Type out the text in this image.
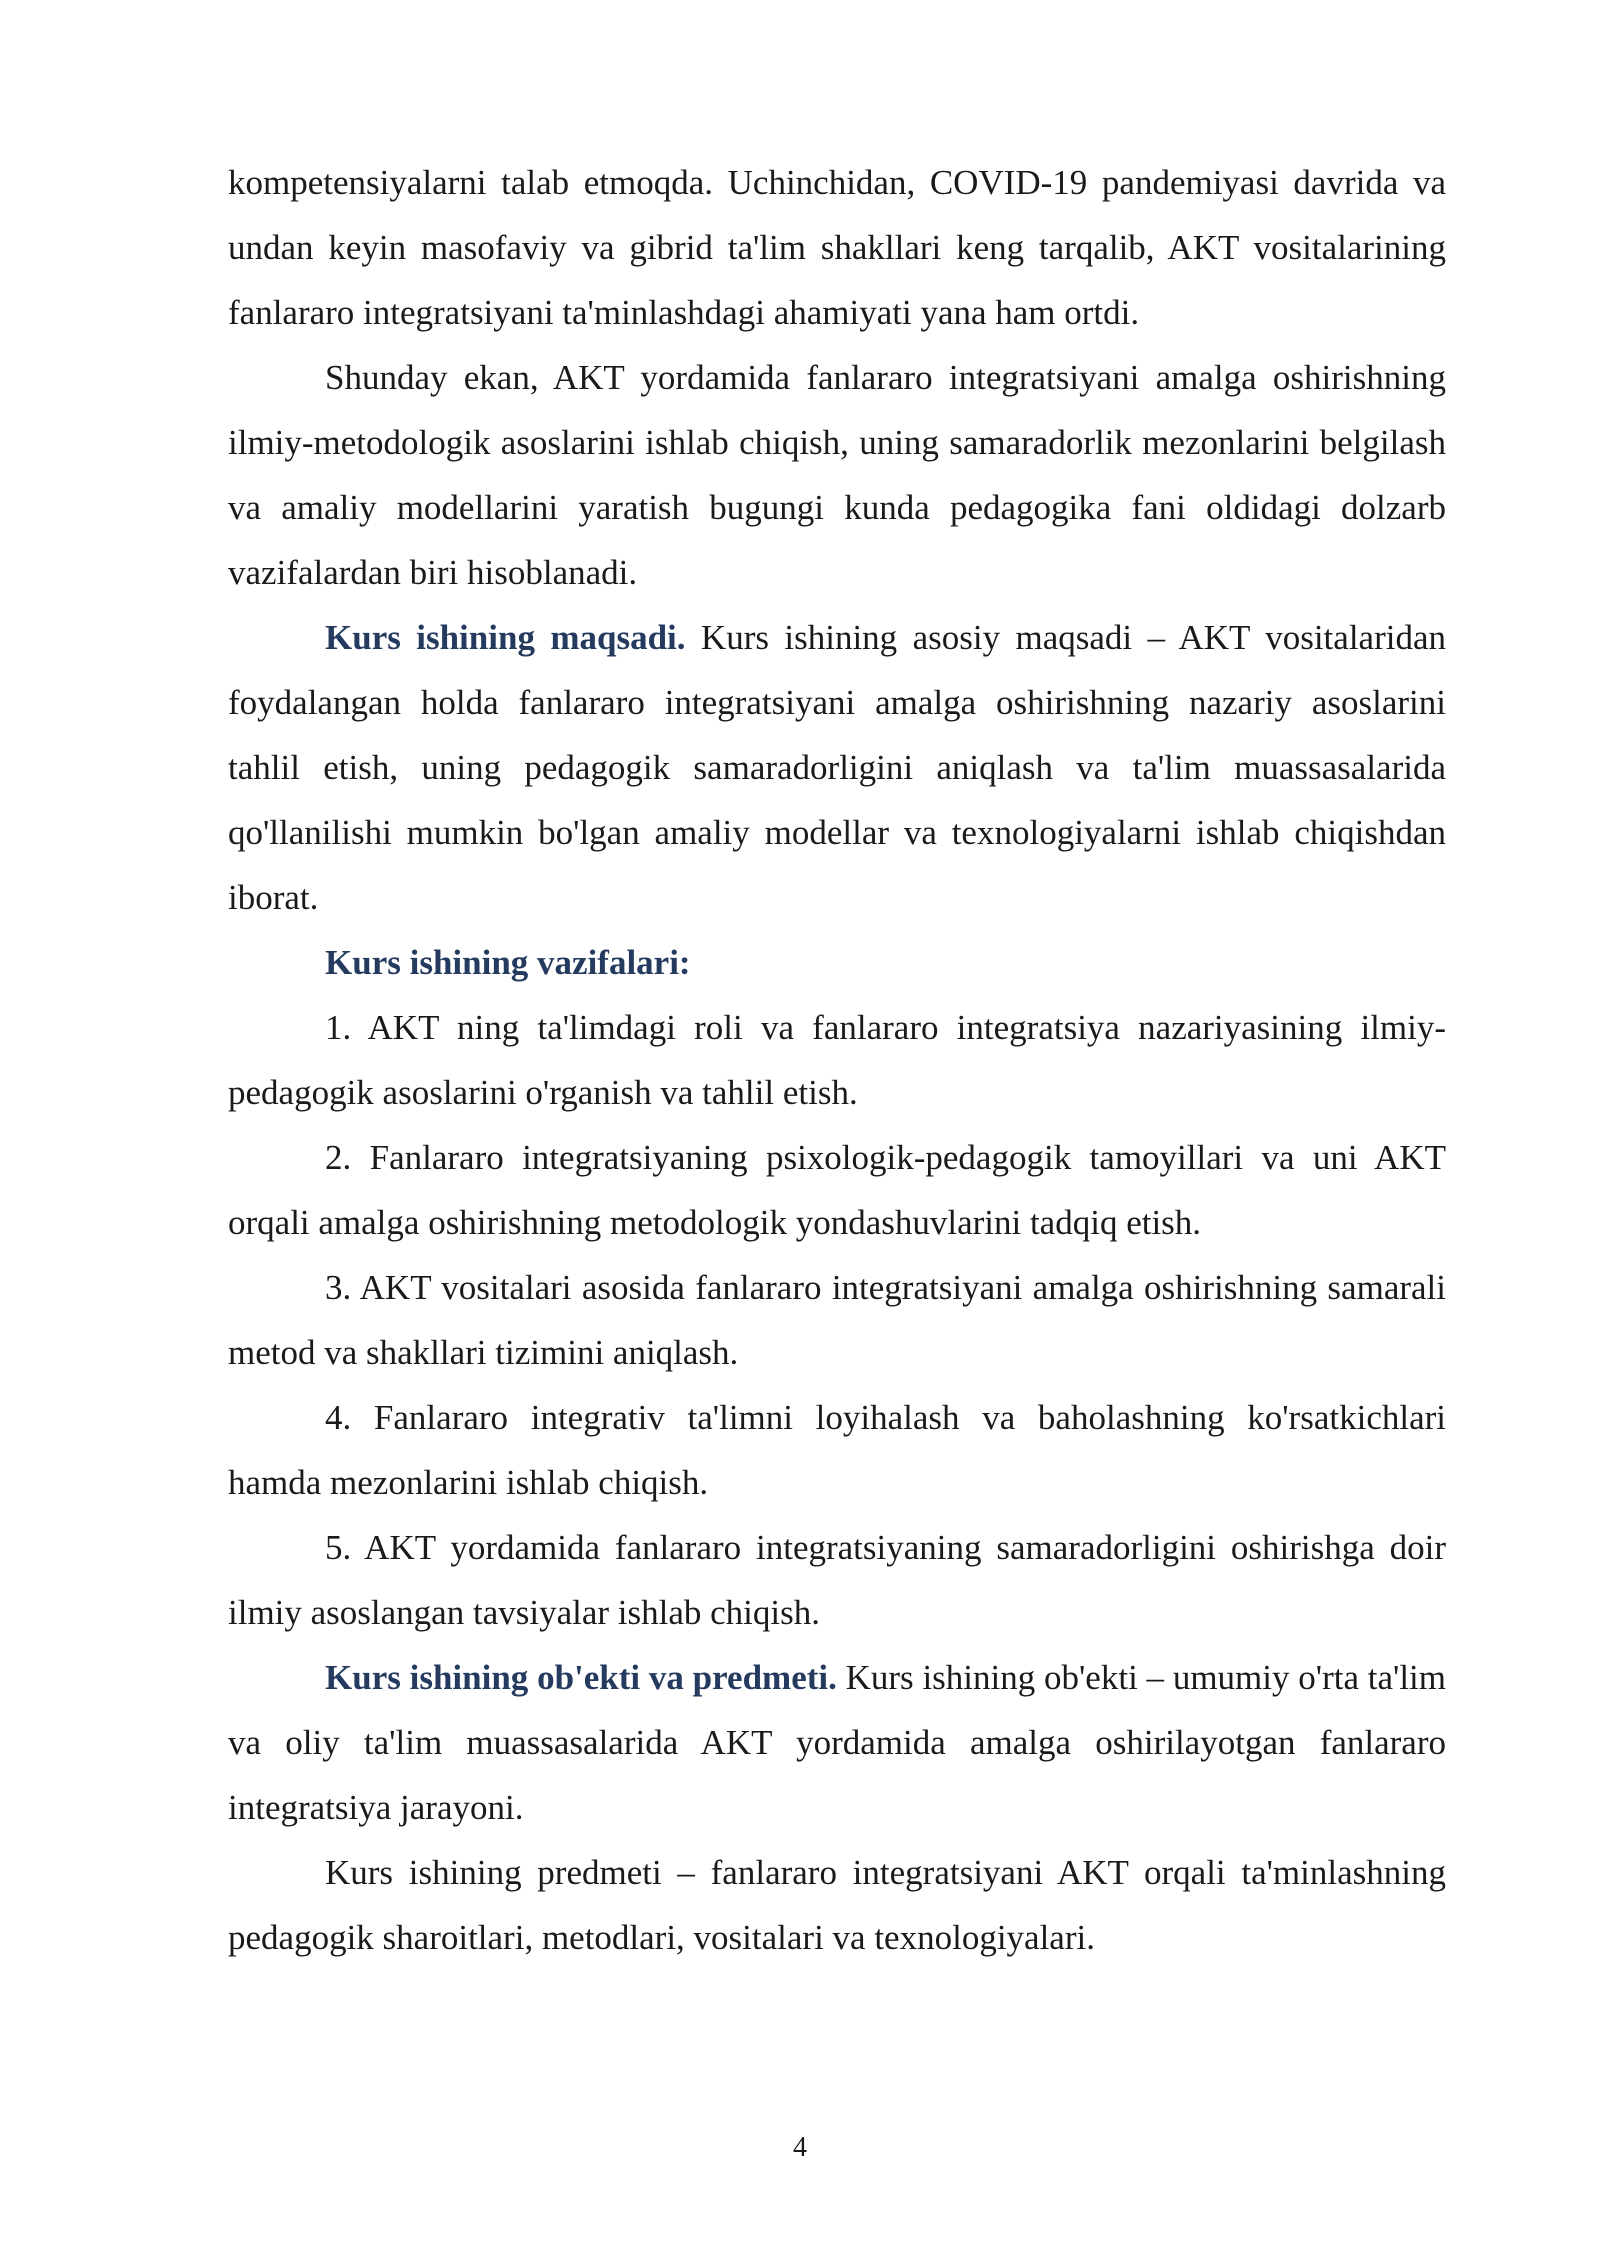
kompetensiyalarni talab etmoqda. Uchinchidan, COVID-19 pandemiyasi davrida va undan keyin masofaviy va gibrid ta'lim shakllari keng tarqalib, AKT vositalarining fanlararo integratsiyani ta'minlashdagi ahamiyati yana ham ortdi.

Shunday ekan, AKT yordamida fanlararo integratsiyani amalga oshirishning ilmiy-metodologik asoslarini ishlab chiqish, uning samaradorlik mezonlarini belgilash va amaliy modellarini yaratish bugungi kunda pedagogika fani oldidagi dolzarb vazifalardan biri hisoblanadi.

Kurs ishining maqsadi. Kurs ishining asosiy maqsadi – AKT vositalaridan foydalangan holda fanlararo integratsiyani amalga oshirishning nazariy asoslarini tahlil etish, uning pedagogik samaradorligini aniqlash va ta'lim muassasalarida qo'llanilishi mumkin bo'lgan amaliy modellar va texnologiyalarni ishlab chiqishdan iborat.

Kurs ishining vazifalari:

1. AKT ning ta'limdagi roli va fanlararo integratsiya nazariyasining ilmiy-pedagogik asoslarini o'rganish va tahlil etish.

2. Fanlararo integratsiyaning psixologik-pedagogik tamoyillari va uni AKT orqali amalga oshirishning metodologik yondashuvlarini tadqiq etish.

3. AKT vositalari asosida fanlararo integratsiyani amalga oshirishning samarali metod va shakllari tizimini aniqlash.

4. Fanlararo integrativ ta'limni loyihalash va baholashning ko'rsatkichlari hamda mezonlarini ishlab chiqish.

5. AKT yordamida fanlararo integratsiyaning samaradorligini oshirishga doir ilmiy asoslangan tavsiyalar ishlab chiqish.

Kurs ishining ob'ekti va predmeti. Kurs ishining ob'ekti – umumiy o'rta ta'lim va oliy ta'lim muassasalarida AKT yordamida amalga oshirilayotgan fanlararo integratsiya jarayoni.

Kurs ishining predmeti – fanlararo integratsiyani AKT orqali ta'minlashning pedagogik sharoitlari, metodlari, vositalari va texnologiyalari.

4
